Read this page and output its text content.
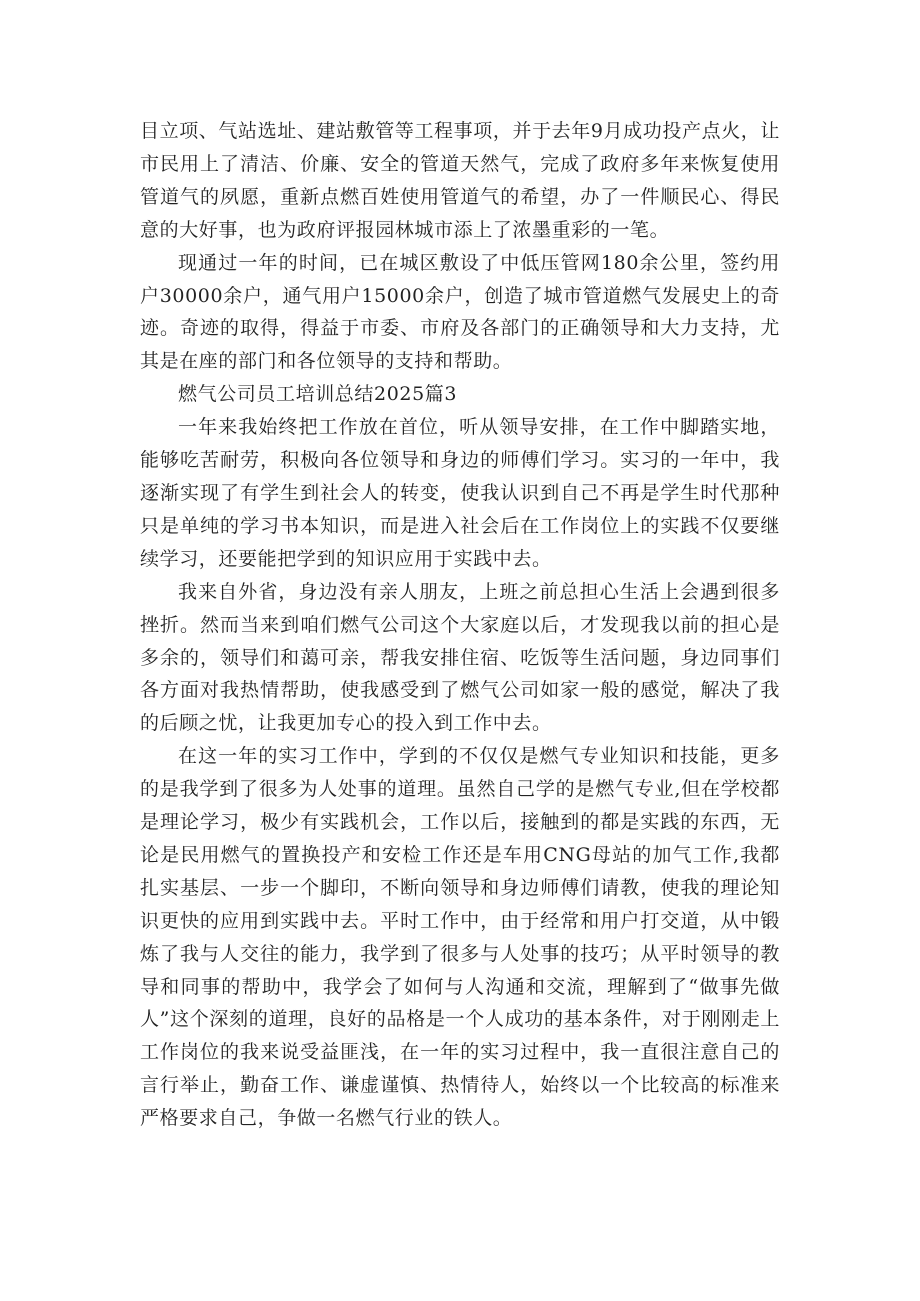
目立项、气站选址、建站敷管等工程事项，并于去年9月成功投产点火，让市民用上了清洁、价廉、安全的管道天然气，完成了政府多年来恢复使用管道气的夙愿，重新点燃百姓使用管道气的希望，办了一件顺民心、得民意的大好事，也为政府评报园林城市添上了浓墨重彩的一笔。

现通过一年的时间，已在城区敷设了中低压管网180余公里，签约用户30000余户，通气用户15000余户，创造了城市管道燃气发展史上的奇迹。奇迹的取得，得益于市委、市府及各部门的正确领导和大力支持，尤其是在座的部门和各位领导的支持和帮助。

燃气公司员工培训总结2025篇3

一年来我始终把工作放在首位，听从领导安排，在工作中脚踏实地，能够吃苦耐劳，积极向各位领导和身边的师傅们学习。实习的一年中，我逐渐实现了有学生到社会人的转变，使我认识到自己不再是学生时代那种只是单纯的学习书本知识，而是进入社会后在工作岗位上的实践不仅要继续学习，还要能把学到的知识应用于实践中去。

我来自外省，身边没有亲人朋友，上班之前总担心生活上会遇到很多挫折。然而当来到咱们燃气公司这个大家庭以后，才发现我以前的担心是多余的，领导们和蔼可亲，帮我安排住宿、吃饭等生活问题，身边同事们各方面对我热情帮助，使我感受到了燃气公司如家一般的感觉，解决了我的后顾之忧，让我更加专心的投入到工作中去。

在这一年的实习工作中，学到的不仅仅是燃气专业知识和技能，更多的是我学到了很多为人处事的道理。虽然自己学的是燃气专业,但在学校都是理论学习，极少有实践机会，工作以后，接触到的都是实践的东西，无论是民用燃气的置换投产和安检工作还是车用CNG母站的加气工作,我都扎实基层、一步一个脚印，不断向领导和身边师傅们请教，使我的理论知识更快的应用到实践中去。平时工作中，由于经常和用户打交道，从中锻炼了我与人交往的能力，我学到了很多与人处事的技巧；从平时领导的教导和同事的帮助中，我学会了如何与人沟通和交流，理解到了“做事先做人”这个深刻的道理，良好的品格是一个人成功的基本条件，对于刚刚走上工作岗位的我来说受益匪浅，在一年的实习过程中，我一直很注意自己的言行举止，勤奋工作、谦虚谨慎、热情待人，始终以一个比较高的标准来严格要求自己，争做一名燃气行业的铁人。
